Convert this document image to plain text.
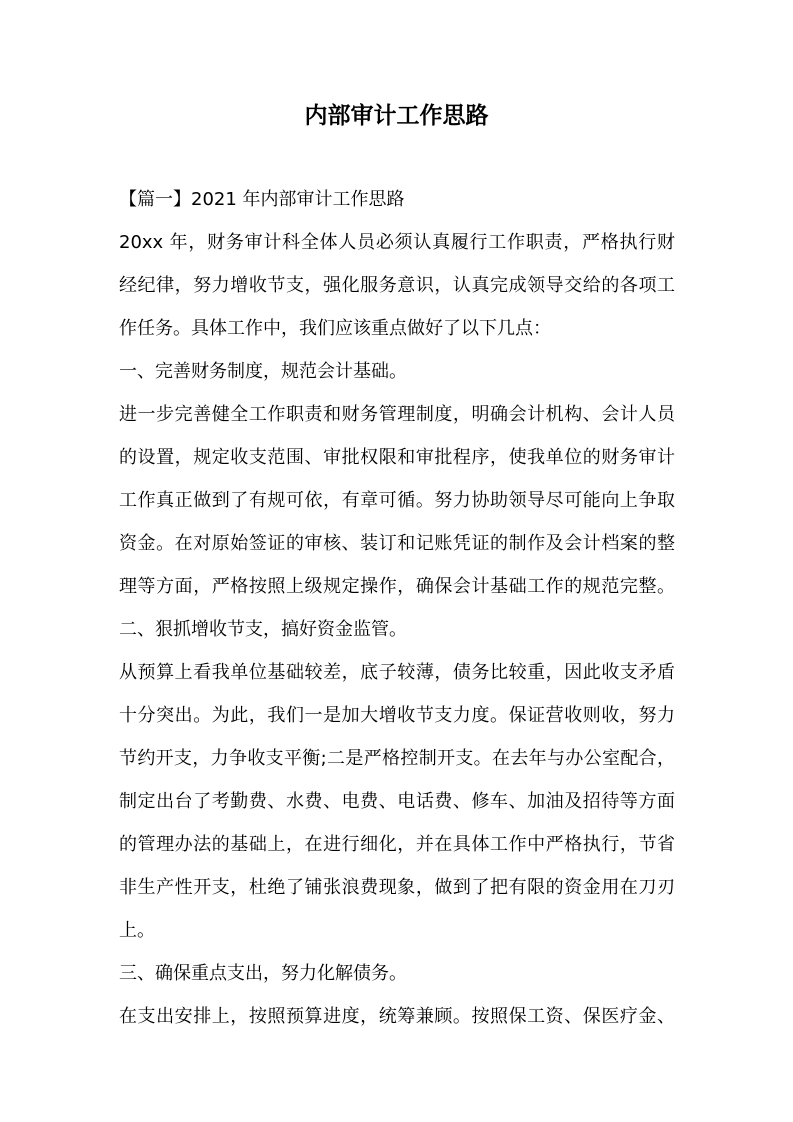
内部审计工作思路

【篇一】2021 年内部审计工作思路

20xx 年，财务审计科全体人员必须认真履行工作职责，严格执行财

经纪律，努力增收节支，强化服务意识，认真完成领导交给的各项工

作任务。具体工作中，我们应该重点做好了以下几点：

一、完善财务制度，规范会计基础。

进一步完善健全工作职责和财务管理制度，明确会计机构、会计人员

的设置，规定收支范围、审批权限和审批程序，使我单位的财务审计

工作真正做到了有规可依，有章可循。努力协助领导尽可能向上争取

资金。在对原始签证的审核、装订和记账凭证的制作及会计档案的整

理等方面，严格按照上级规定操作，确保会计基础工作的规范完整。

二、狠抓增收节支，搞好资金监管。

从预算上看我单位基础较差，底子较薄，债务比较重，因此收支矛盾

十分突出。为此，我们一是加大增收节支力度。保证营收则收，努力

节约开支，力争收支平衡;二是严格控制开支。在去年与办公室配合，

制定出台了考勤费、水费、电费、电话费、修车、加油及招待等方面

的管理办法的基础上，在进行细化，并在具体工作中严格执行，节省

非生产性开支，杜绝了铺张浪费现象，做到了把有限的资金用在刀刃

上。

三、确保重点支出，努力化解债务。

在支出安排上，按照预算进度，统筹兼顾。按照保工资、保医疗金、
